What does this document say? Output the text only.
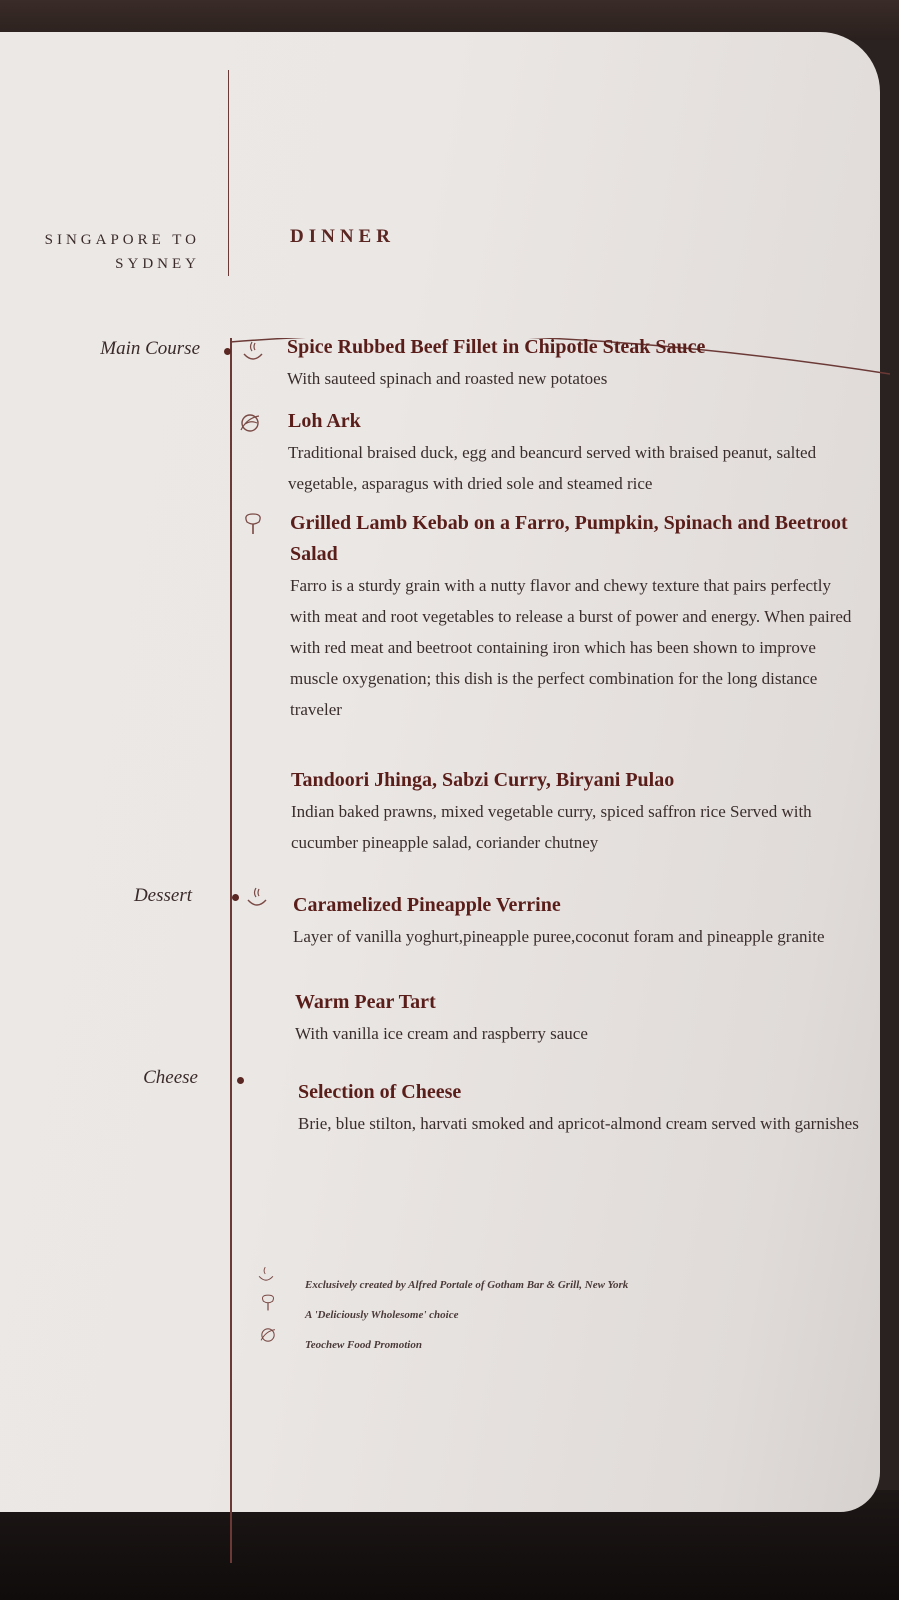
SINGAPORE TO
SYDNEY
DINNER
Main Course
Dessert
Cheese
Spice Rubbed Beef Fillet in Chipotle Steak Sauce
With sauteed spinach and roasted new potatoes
Loh Ark
Traditional braised duck, egg and beancurd served with braised peanut, salted vegetable, asparagus with dried sole and steamed rice
Grilled Lamb Kebab on a Farro, Pumpkin, Spinach and Beetroot Salad
Farro is a sturdy grain with a nutty flavor and chewy texture that pairs perfectly with meat and root vegetables to release a burst of power and energy. When paired with red meat and beetroot containing iron which has been shown to improve muscle oxygenation; this dish is the perfect combination for the long distance traveler
Tandoori Jhinga, Sabzi Curry, Biryani Pulao
Indian baked prawns, mixed vegetable curry, spiced saffron rice Served with cucumber pineapple salad, coriander chutney
Caramelized Pineapple Verrine
Layer of vanilla yoghurt,pineapple puree,coconut foram and pineapple granite
Warm Pear Tart
With vanilla ice cream and raspberry sauce
Selection of Cheese
Brie, blue stilton, harvati smoked and apricot-almond cream served with garnishes
Exclusively created by Alfred Portale of Gotham Bar & Grill, New York
A 'Deliciously Wholesome' choice
Teochew Food Promotion
